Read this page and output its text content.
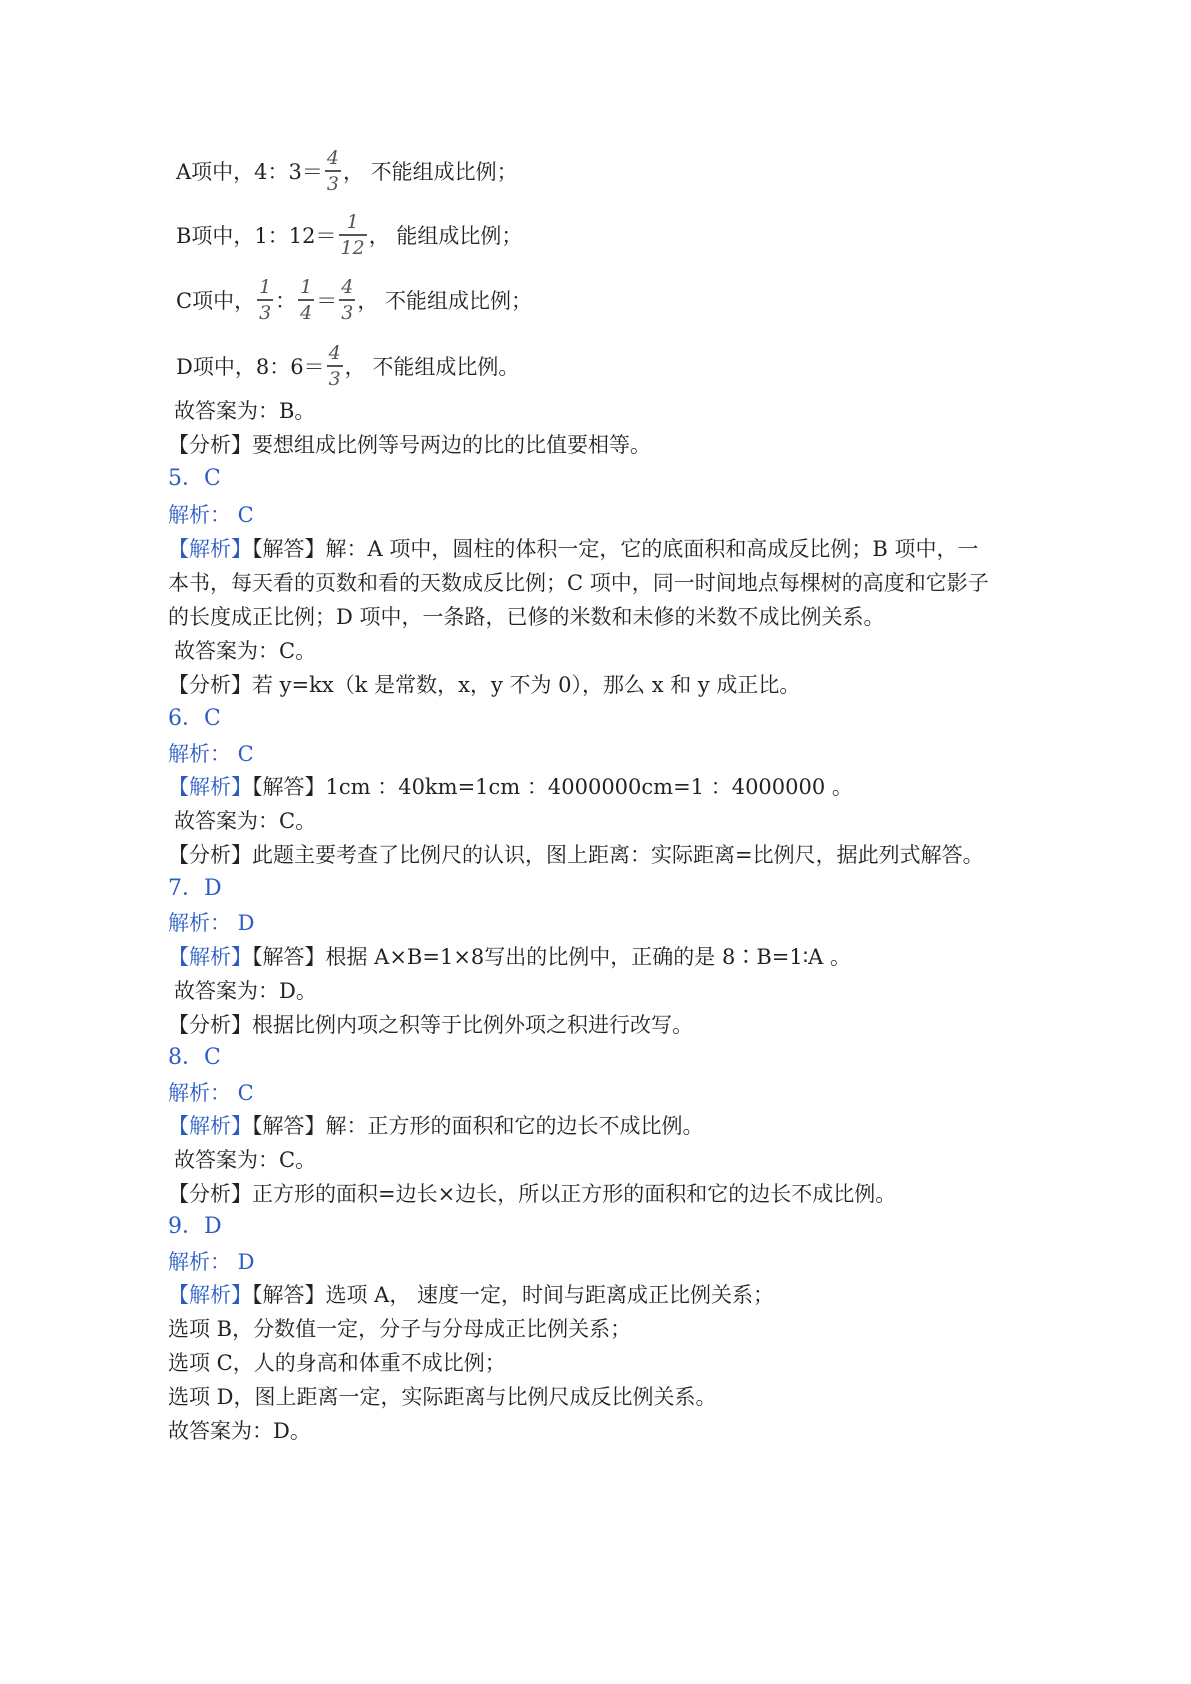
A项中，4：$3= \frac{4}{3}$ ， 不能组成比例；
B项中，1：$12= \frac{1}{12}$ ， 能组成比例；
C项中， $\frac{1}{3}$ ： $\frac{1}{4} = \frac{4}{3}$ ， 不能组成比例；
D项中，8：$6= \frac{4}{3}$ ， 不能组成比例。
故答案为：B。
【分析】要想组成比例等号两边的比的比值要相等。
5．C
解析： C
【解析】【解答】解：A 项中，圆柱的体积一定，它的底面积和高成反比例；B 项中，一
本书，每天看的页数和看的天数成反比例；C 项中，同一时间地点每棵树的高度和它影子
的长度成正比例；D 项中，一条路，已修的米数和未修的米数不成比例关系。
故答案为：C。
【分析】若 y=kx（k 是常数，x，y 不为 0），那么 x 和 y 成正比。
6．C
解析： C
【解析】【解答】1cm ：40km=1cm ：4000000cm=1 ：4000000 。
故答案为：C。
【分析】此题主要考查了比例尺的认识，图上距离：实际距离=比例尺，据此列式解答。
7．D
解析： D
【解析】【解答】根据 A×B=1×8写出的比例中，正确的是 8∶B=1∶A 。
故答案为：D。
【分析】根据比例内项之积等于比例外项之积进行改写。
8．C
解析： C
【解析】【解答】解：正方形的面积和它的边长不成比例。
故答案为：C。
【分析】正方形的面积=边长×边长，所以正方形的面积和它的边长不成比例。
9．D
解析： D
【解析】【解答】选项 A， 速度一定，时间与距离成正比例关系；
选项 B，分数值一定，分子与分母成正比例关系；
选项 C，人的身高和体重不成比例；
选项 D，图上距离一定，实际距离与比例尺成反比例关系。
故答案为：D。
